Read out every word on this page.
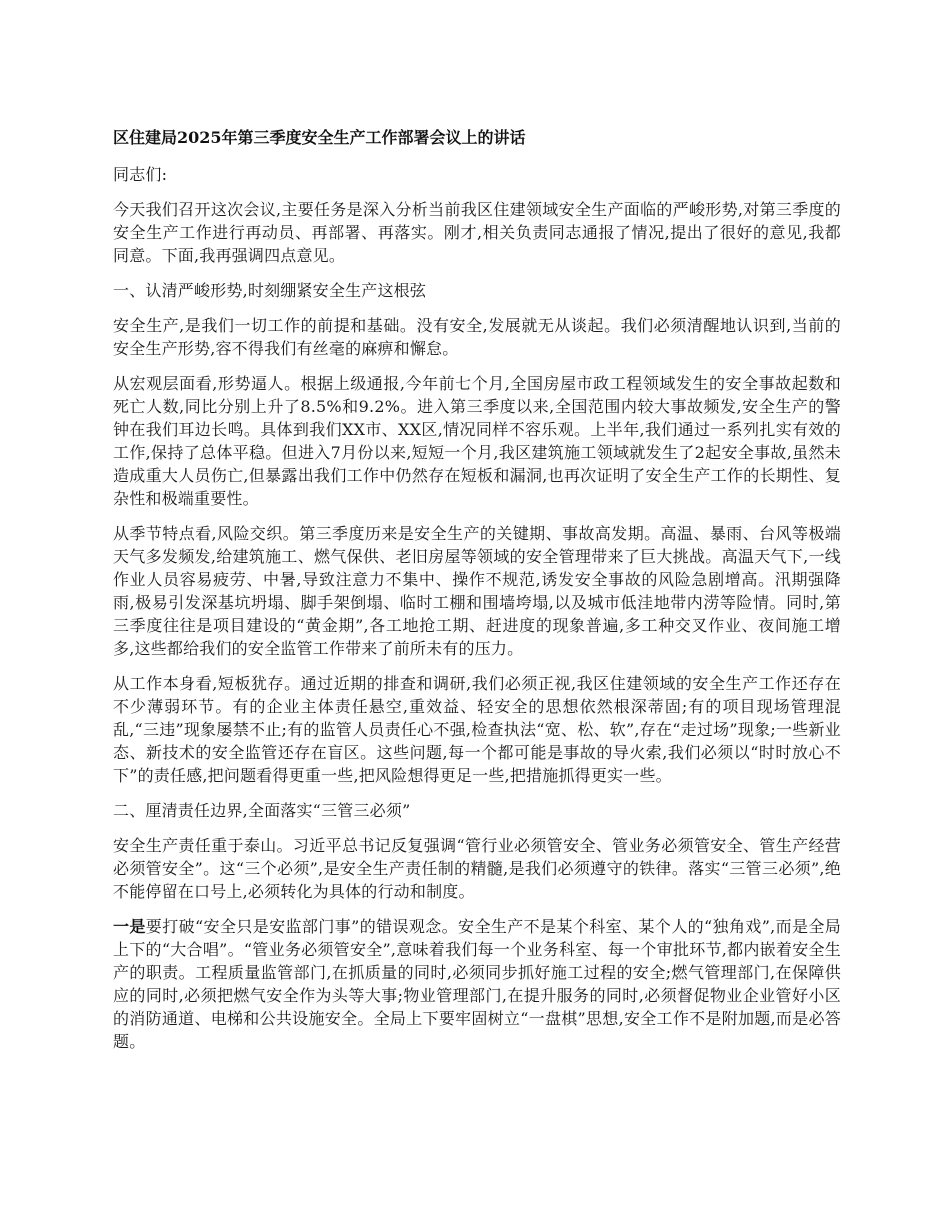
区住建局2025年第三季度安全生产工作部署会议上的讲话

同志们:

今天我们召开这次会议,主要任务是深入分析当前我区住建领域安全生产面临的严峻形势,对第三季度的安全生产工作进行再动员、再部署、再落实。刚才,相关负责同志通报了情况,提出了很好的意见,我都同意。下面,我再强调四点意见。

一、认清严峻形势,时刻绷紧安全生产这根弦

安全生产,是我们一切工作的前提和基础。没有安全,发展就无从谈起。我们必须清醒地认识到,当前的安全生产形势,容不得我们有丝毫的麻痹和懈怠。

从宏观层面看,形势逼人。根据上级通报,今年前七个月,全国房屋市政工程领域发生的安全事故起数和死亡人数,同比分别上升了8.5%和9.2%。进入第三季度以来,全国范围内较大事故频发,安全生产的警钟在我们耳边长鸣。具体到我们XX市、XX区,情况同样不容乐观。上半年,我们通过一系列扎实有效的工作,保持了总体平稳。但进入7月份以来,短短一个月,我区建筑施工领域就发生了2起安全事故,虽然未造成重大人员伤亡,但暴露出我们工作中仍然存在短板和漏洞,也再次证明了安全生产工作的长期性、复杂性和极端重要性。

从季节特点看,风险交织。第三季度历来是安全生产的关键期、事故高发期。高温、暴雨、台风等极端天气多发频发,给建筑施工、燃气保供、老旧房屋等领域的安全管理带来了巨大挑战。高温天气下,一线作业人员容易疲劳、中暑,导致注意力不集中、操作不规范,诱发安全事故的风险急剧增高。汛期强降雨,极易引发深基坑坍塌、脚手架倒塌、临时工棚和围墙垮塌,以及城市低洼地带内涝等险情。同时,第三季度往往是项目建设的“黄金期”,各工地抢工期、赶进度的现象普遍,多工种交叉作业、夜间施工增多,这些都给我们的安全监管工作带来了前所未有的压力。

从工作本身看,短板犹存。通过近期的排查和调研,我们必须正视,我区住建领域的安全生产工作还存在不少薄弱环节。有的企业主体责任悬空,重效益、轻安全的思想依然根深蒂固;有的项目现场管理混乱,“三违”现象屡禁不止;有的监管人员责任心不强,检查执法“宽、松、软”,存在“走过场”现象;一些新业态、新技术的安全监管还存在盲区。这些问题,每一个都可能是事故的导火索,我们必须以“时时放心不下”的责任感,把问题看得更重一些,把风险想得更足一些,把措施抓得更实一些。

二、厘清责任边界,全面落实“三管三必须”

安全生产责任重于泰山。习近平总书记反复强调“管行业必须管安全、管业务必须管安全、管生产经营必须管安全”。这“三个必须”,是安全生产责任制的精髓,是我们必须遵守的铁律。落实“三管三必须”,绝不能停留在口号上,必须转化为具体的行动和制度。

一是要打破“安全只是安监部门事”的错误观念。安全生产不是某个科室、某个人的“独角戏”,而是全局上下的“大合唱”。“管业务必须管安全”,意味着我们每一个业务科室、每一个审批环节,都内嵌着安全生产的职责。工程质量监管部门,在抓质量的同时,必须同步抓好施工过程的安全;燃气管理部门,在保障供应的同时,必须把燃气安全作为头等大事;物业管理部门,在提升服务的同时,必须督促物业企业管好小区的消防通道、电梯和公共设施安全。全局上下要牢固树立“一盘棋”思想,安全工作不是附加题,而是必答题。
